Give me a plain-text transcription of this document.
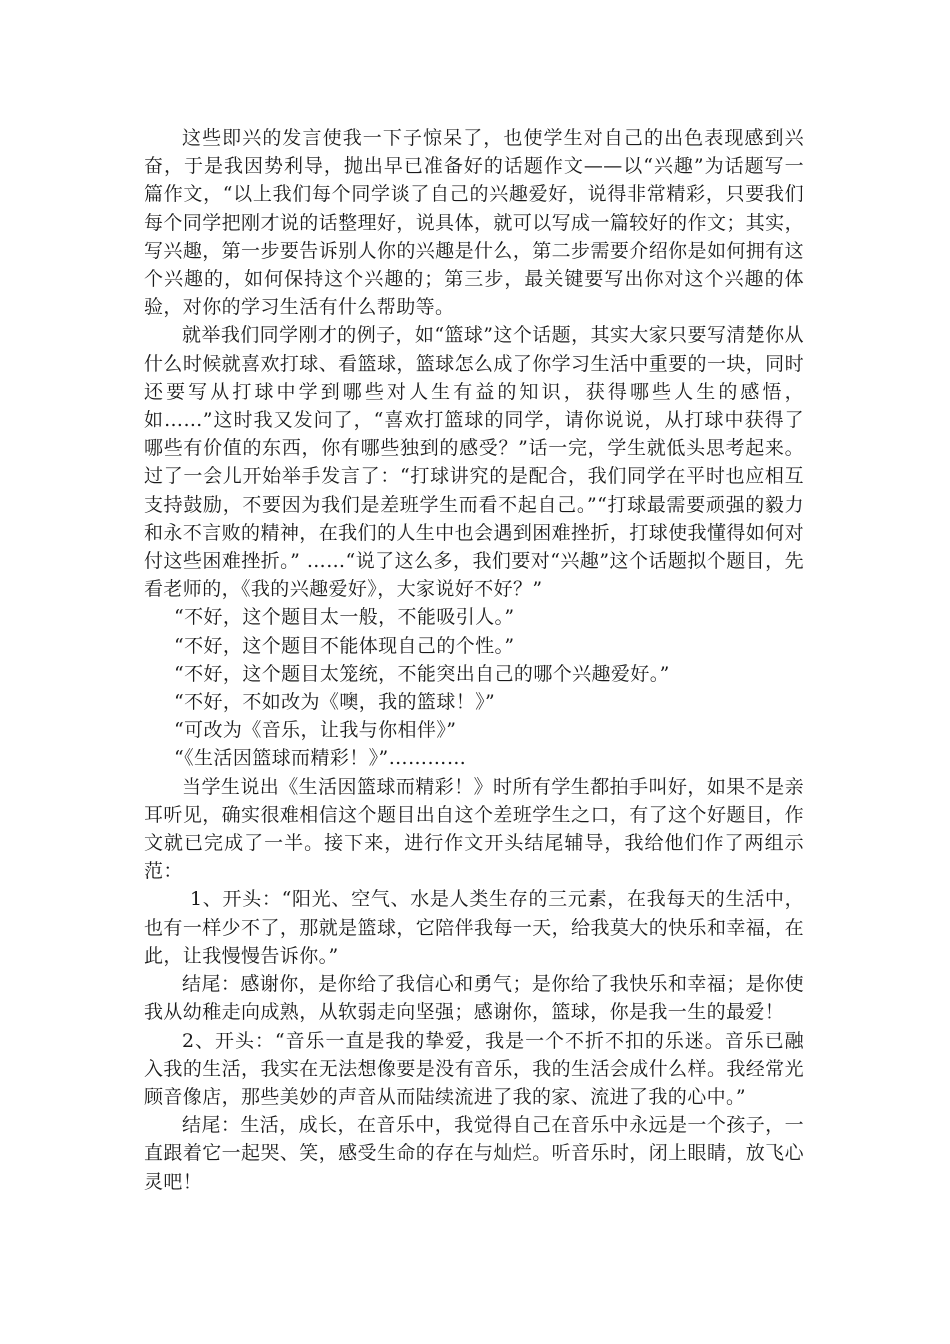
这些即兴的发言使我一下子惊呆了，也使学生对自己的出色表现感到兴奋，于是我因势利导，抛出早已准备好的话题作文——以“兴趣”为话题写一篇作文，“以上我们每个同学谈了自己的兴趣爱好，说得非常精彩，只要我们每个同学把刚才说的话整理好，说具体，就可以写成一篇较好的作文；其实，写兴趣，第一步要告诉别人你的兴趣是什么，第二步需要介绍你是如何拥有这个兴趣的，如何保持这个兴趣的；第三步，最关键要写出你对这个兴趣的体验，对你的学习生活有什么帮助等。

就举我们同学刚才的例子，如“篮球”这个话题，其实大家只要写清楚你从什么时候就喜欢打球、看篮球，篮球怎么成了你学习生活中重要的一块，同时还要写从打球中学到哪些对人生有益的知识，获得哪些人生的感悟，如……”这时我又发问了，“喜欢打篮球的同学，请你说说，从打球中获得了哪些有价值的东西，你有哪些独到的感受？”话一完，学生就低头思考起来。过了一会儿开始举手发言了：“打球讲究的是配合，我们同学在平时也应相互支持鼓励，不要因为我们是差班学生而看不起自己。”“打球最需要顽强的毅力和永不言败的精神，在我们的人生中也会遇到困难挫折，打球使我懂得如何对付这些困难挫折。” ……“说了这么多，我们要对“兴趣”这个话题拟个题目，先看老师的，《我的兴趣爱好》，大家说好不好？”

“不好，这个题目太一般，不能吸引人。”

“不好，这个题目不能体现自己的个性。”

“不好，这个题目太笼统，不能突出自己的哪个兴趣爱好。”

“不好，不如改为《噢，我的篮球！》”

“可改为《音乐，让我与你相伴》”

“《生活因篮球而精彩！》”…………

当学生说出《生活因篮球而精彩！》时所有学生都拍手叫好，如果不是亲耳听见，确实很难相信这个题目出自这个差班学生之口，有了这个好题目，作文就已完成了一半。接下来，进行作文开头结尾辅导，我给他们作了两组示范：

1、开头：“阳光、空气、水是人类生存的三元素，在我每天的生活中，也有一样少不了，那就是篮球，它陪伴我每一天，给我莫大的快乐和幸福，在此，让我慢慢告诉你。”

结尾：感谢你，是你给了我信心和勇气；是你给了我快乐和幸福；是你使我从幼稚走向成熟，从软弱走向坚强；感谢你，篮球，你是我一生的最爱！

2、开头：“音乐一直是我的挚爱，我是一个不折不扣的乐迷。音乐已融入我的生活，我实在无法想像要是没有音乐，我的生活会成什么样。我经常光顾音像店，那些美妙的声音从而陆续流进了我的家、流进了我的心中。”

结尾：生活，成长，在音乐中，我觉得自己在音乐中永远是一个孩子，一直跟着它一起哭、笑，感受生命的存在与灿烂。听音乐时，闭上眼睛，放飞心灵吧！
